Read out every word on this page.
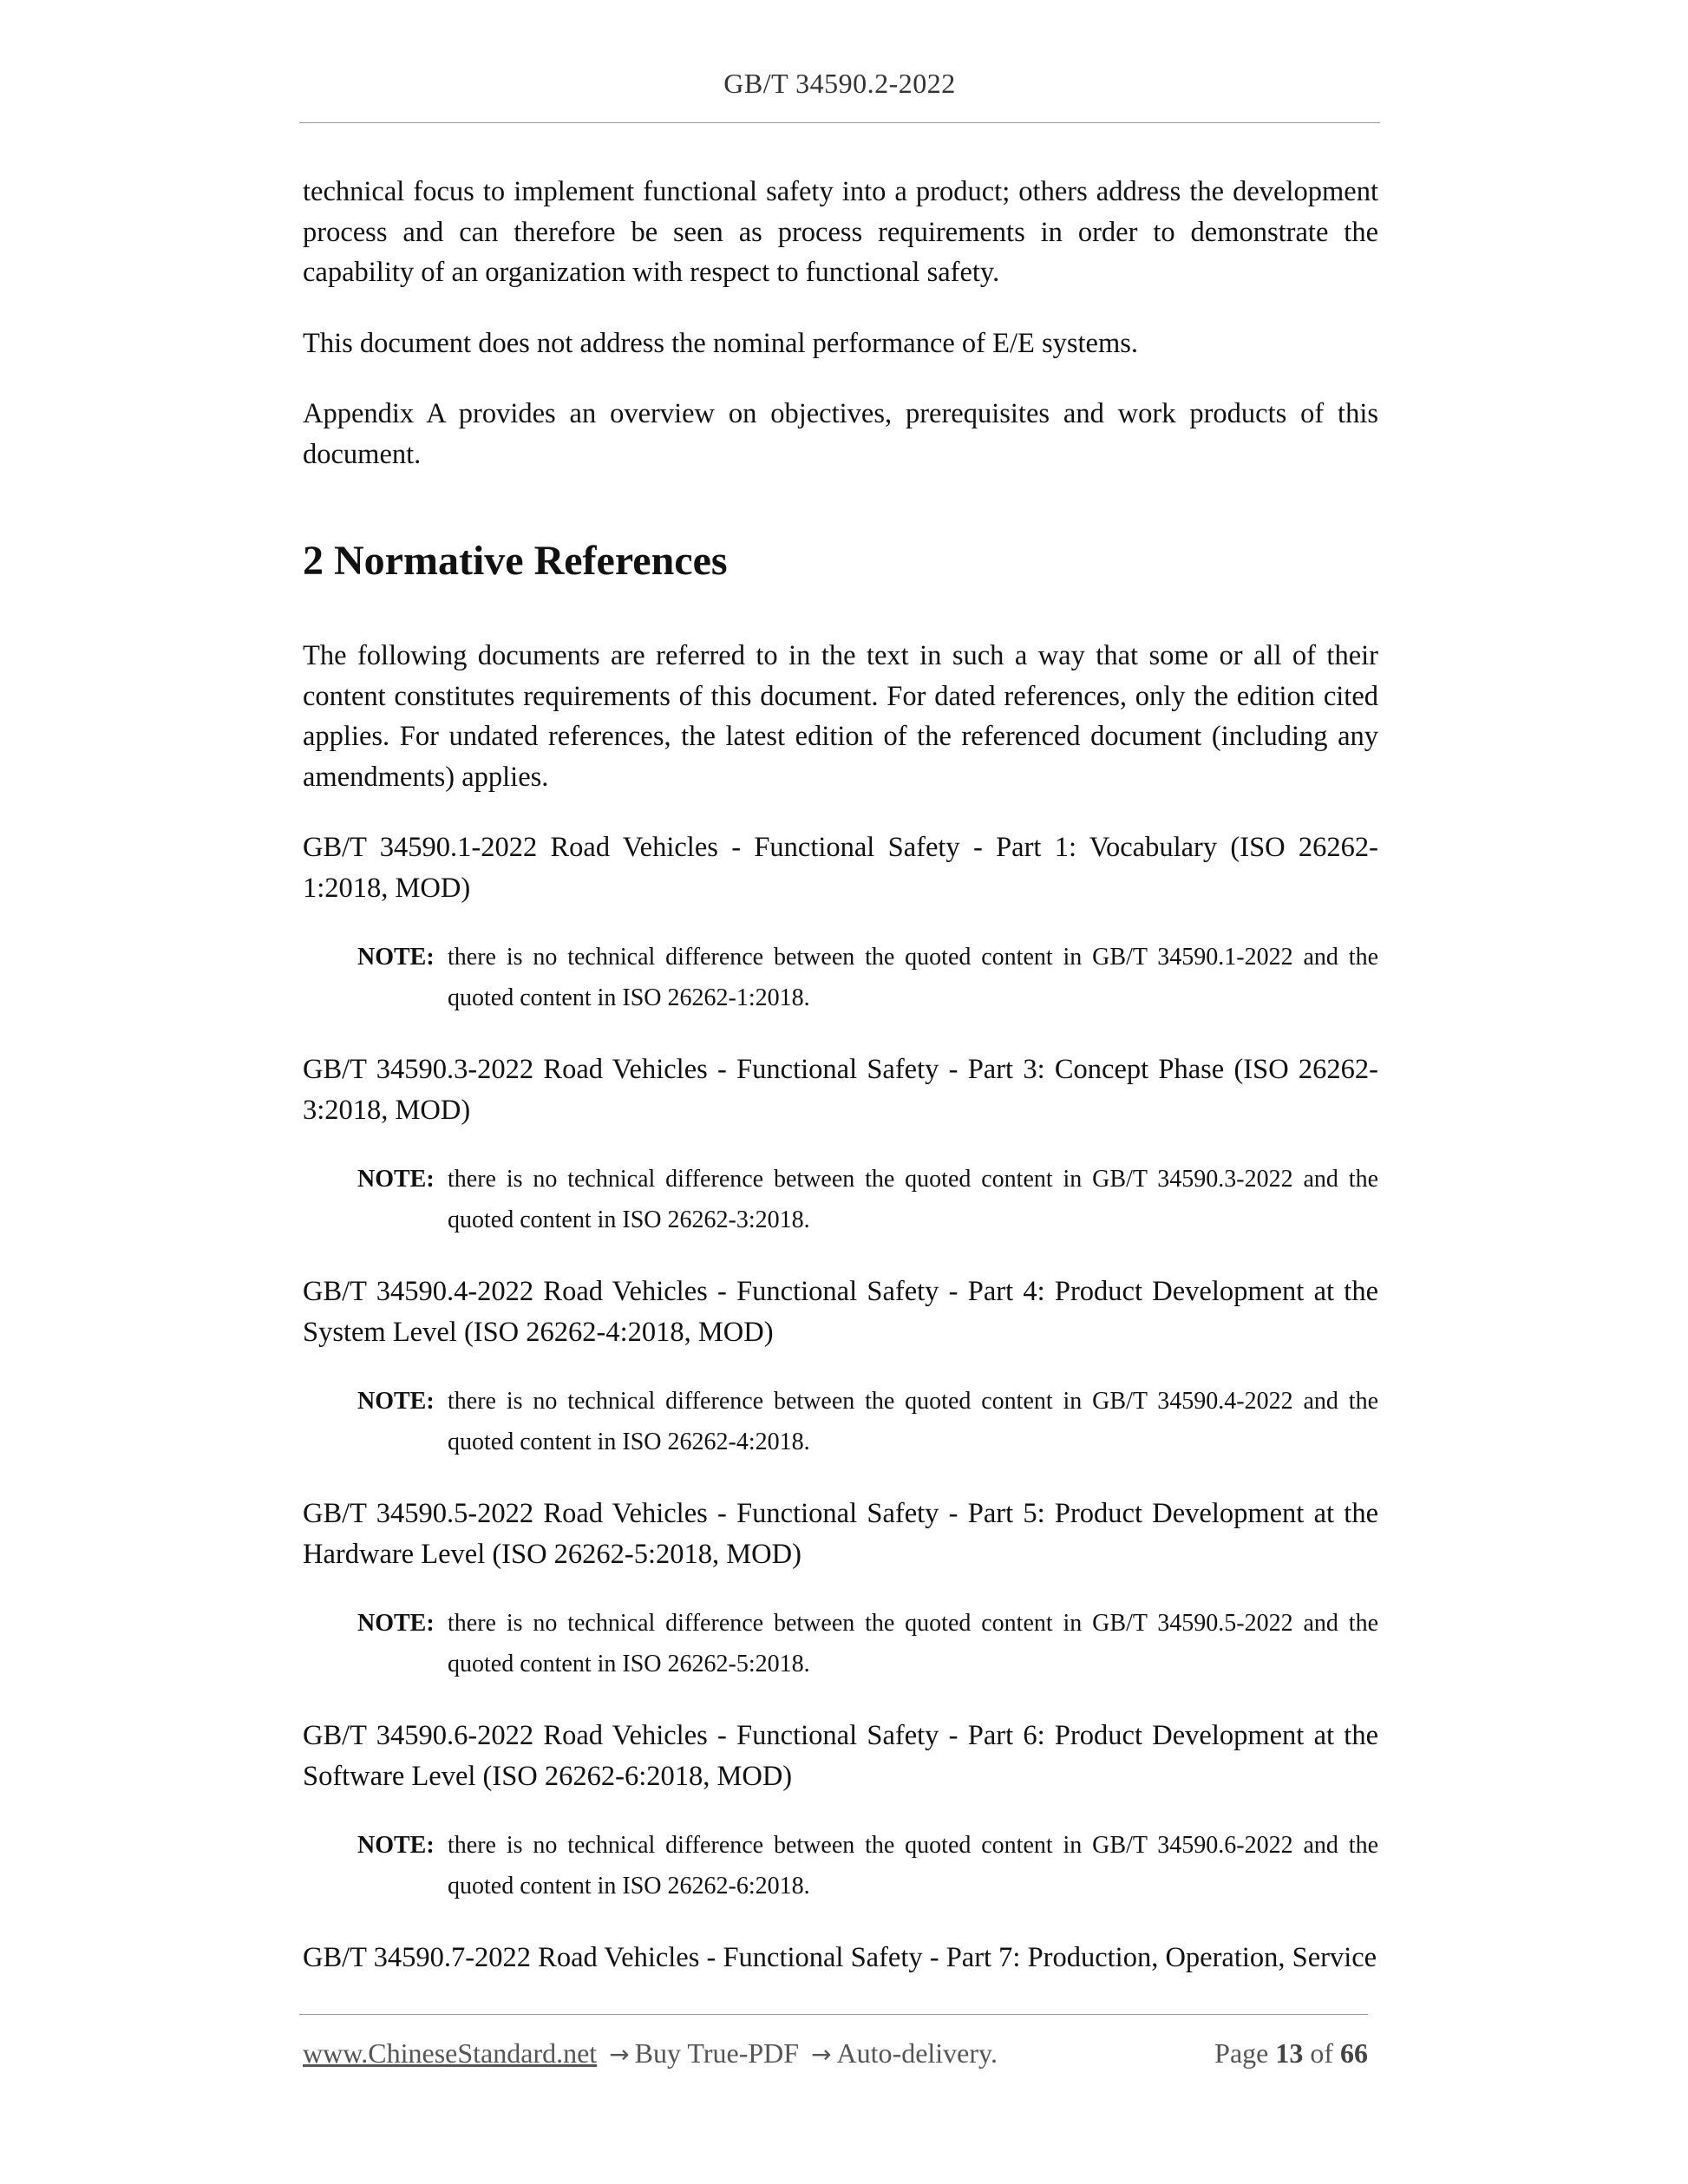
GB/T 34590.2-2022

technical focus to implement functional safety into a product; others address the development process and can therefore be seen as process requirements in order to demonstrate the capability of an organization with respect to functional safety.

This document does not address the nominal performance of E/E systems.

Appendix A provides an overview on objectives, prerequisites and work products of this document.

2 Normative References

The following documents are referred to in the text in such a way that some or all of their content constitutes requirements of this document. For dated references, only the edition cited applies. For undated references, the latest edition of the referenced document (including any amendments) applies.

GB/T 34590.1-2022 Road Vehicles - Functional Safety - Part 1: Vocabulary (ISO 26262-1:2018, MOD)

NOTE: there is no technical difference between the quoted content in GB/T 34590.1-2022 and the quoted content in ISO 26262-1:2018.

GB/T 34590.3-2022 Road Vehicles - Functional Safety - Part 3: Concept Phase (ISO 26262-3:2018, MOD)

NOTE: there is no technical difference between the quoted content in GB/T 34590.3-2022 and the quoted content in ISO 26262-3:2018.

GB/T 34590.4-2022 Road Vehicles - Functional Safety - Part 4: Product Development at the System Level (ISO 26262-4:2018, MOD)

NOTE: there is no technical difference between the quoted content in GB/T 34590.4-2022 and the quoted content in ISO 26262-4:2018.

GB/T 34590.5-2022 Road Vehicles - Functional Safety - Part 5: Product Development at the Hardware Level (ISO 26262-5:2018, MOD)

NOTE: there is no technical difference between the quoted content in GB/T 34590.5-2022 and the quoted content in ISO 26262-5:2018.

GB/T 34590.6-2022 Road Vehicles - Functional Safety - Part 6: Product Development at the Software Level (ISO 26262-6:2018, MOD)

NOTE: there is no technical difference between the quoted content in GB/T 34590.6-2022 and the quoted content in ISO 26262-6:2018.

GB/T 34590.7-2022 Road Vehicles - Functional Safety - Part 7: Production, Operation, Service

www.ChineseStandard.net → Buy True-PDF → Auto-delivery.	Page 13 of 66
